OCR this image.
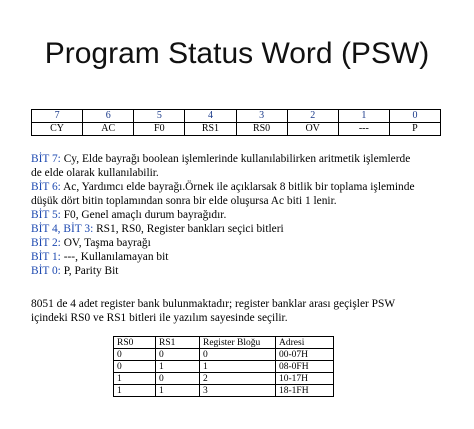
Program Status Word (PSW)
7	6	5	4	3	2	1	0
CY	AC	F0	RS1	RS0	OV	---	P
BİT 7: Cy, Elde bayrağı boolean işlemlerinde kullanılabilirken aritmetik işlemlerde
de elde olarak kullanılabilir.
BİT 6: Ac, Yardımcı elde bayrağı.Örnek ile açıklarsak 8 bitlik bir toplama işleminde
düşük dört bitin toplamından sonra bir elde oluşursa Ac biti 1 lenir.
BİT 5: F0, Genel amaçlı durum bayrağıdır.
BİT 4, BİT 3: RS1, RS0, Register bankları seçici bitleri
BİT 2: OV, Taşma bayrağı
BİT 1: ---, Kullanılamayan bit
BİT 0: P, Parity Bit
8051 de 4 adet register bank bulunmaktadır; register banklar arası geçişler PSW
içindeki RS0 ve RS1 bitleri ile yazılım sayesinde seçilir.
RS0	RS1	Register Bloğu	Adresi
0	0	0	00-07H
0	1	1	08-0FH
1	0	2	10-17H
1	1	3	18-1FH
